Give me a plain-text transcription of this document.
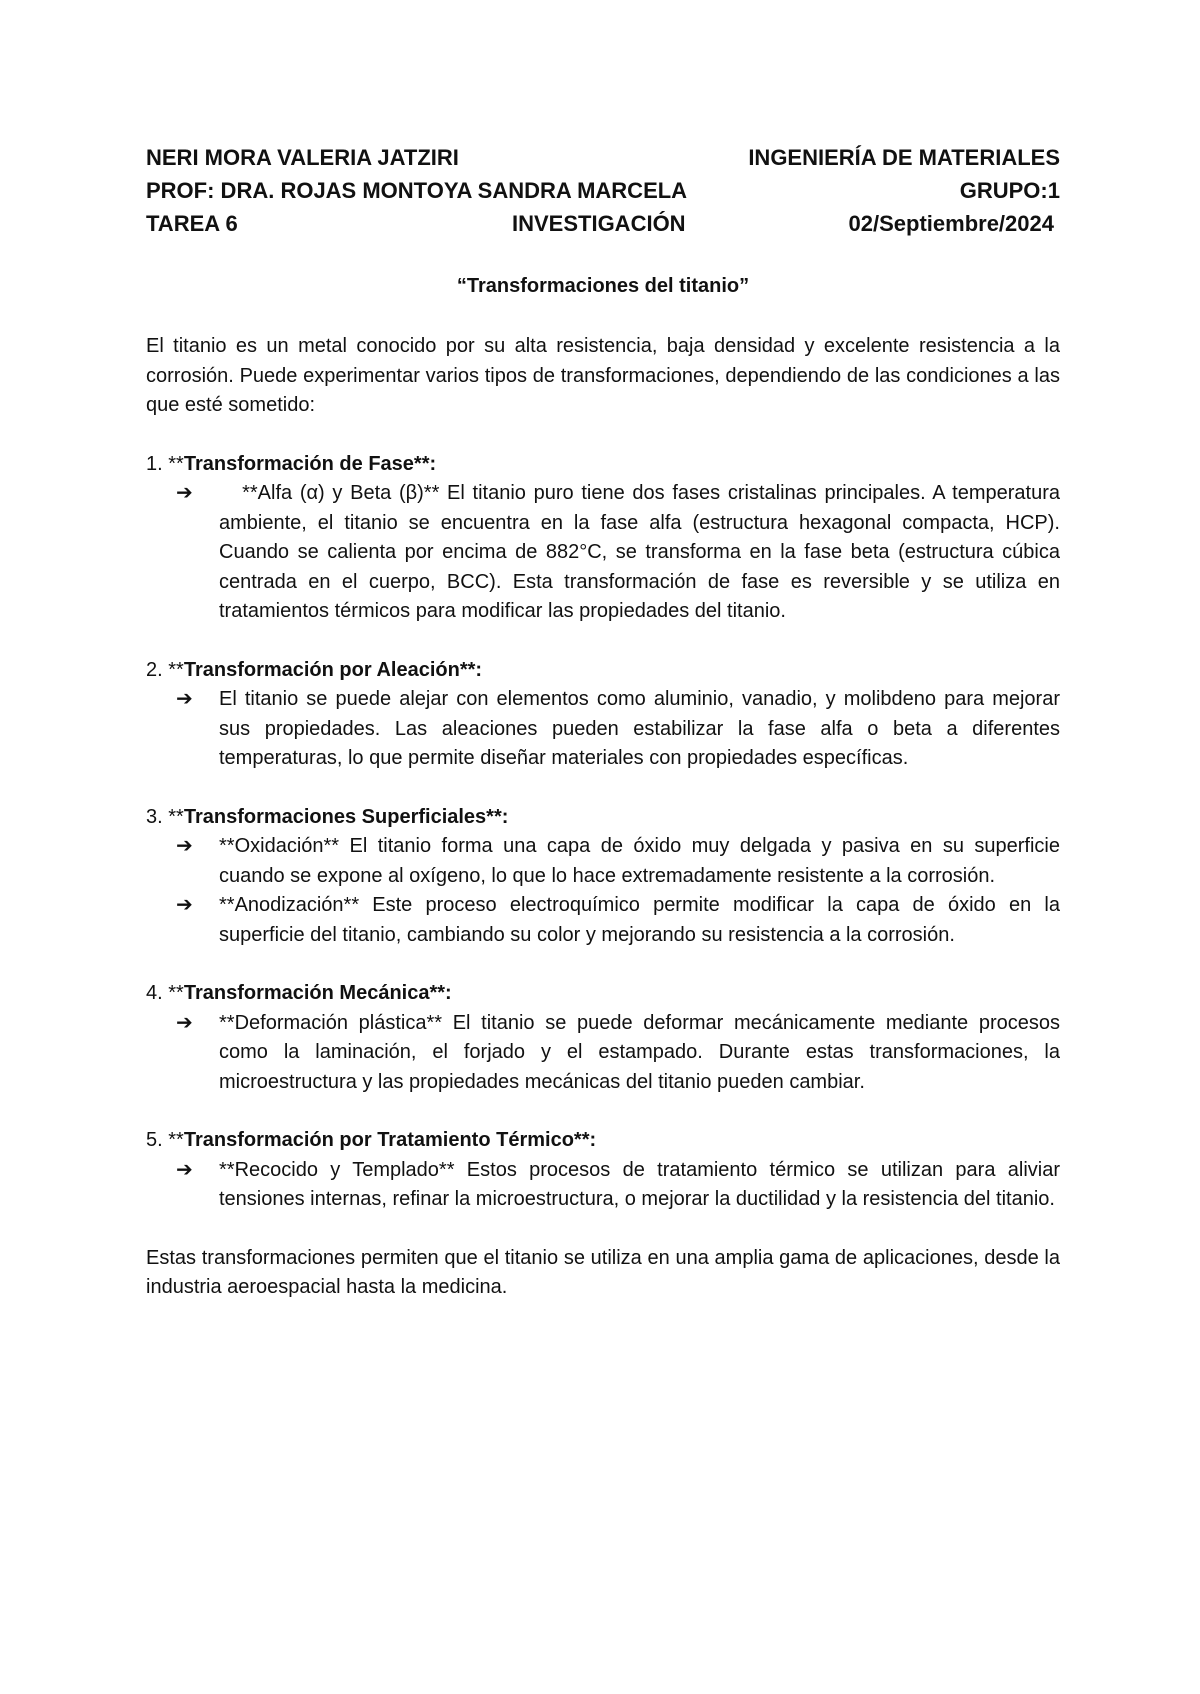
NERI MORA VALERIA JATZIRI	INGENIERÍA DE MATERIALES
PROF: DRA. ROJAS MONTOYA SANDRA MARCELA	GRUPO:1
TAREA 6	INVESTIGACIÓN	02/Septiembre/2024
“Transformaciones del titanio”

El titanio es un metal conocido por su alta resistencia, baja densidad y excelente resistencia a la corrosión. Puede experimentar varios tipos de transformaciones, dependiendo de las condiciones a las que esté sometido:

1. **Transformación de Fase**:
➔ **Alfa (α) y Beta (β)** El titanio puro tiene dos fases cristalinas principales. A temperatura ambiente, el titanio se encuentra en la fase alfa (estructura hexagonal compacta, HCP). Cuando se calienta por encima de 882°C, se transforma en la fase beta (estructura cúbica centrada en el cuerpo, BCC). Esta transformación de fase es reversible y se utiliza en tratamientos térmicos para modificar las propiedades del titanio.

2. **Transformación por Aleación**:
➔ El titanio se puede alejar con elementos como aluminio, vanadio, y molibdeno para mejorar sus propiedades. Las aleaciones pueden estabilizar la fase alfa o beta a diferentes temperaturas, lo que permite diseñar materiales con propiedades específicas.

3. **Transformaciones Superficiales**:
➔ **Oxidación** El titanio forma una capa de óxido muy delgada y pasiva en su superficie cuando se expone al oxígeno, lo que lo hace extremadamente resistente a la corrosión.

➔ **Anodización** Este proceso electroquímico permite modificar la capa de óxido en la superficie del titanio, cambiando su color y mejorando su resistencia a la corrosión.

4. **Transformación Mecánica**:
➔ **Deformación plástica** El titanio se puede deformar mecánicamente mediante procesos como la laminación, el forjado y el estampado. Durante estas transformaciones, la microestructura y las propiedades mecánicas del titanio pueden cambiar.

5. **Transformación por Tratamiento Térmico**:
➔ **Recocido y Templado** Estos procesos de tratamiento térmico se utilizan para aliviar tensiones internas, refinar la microestructura, o mejorar la ductilidad y la resistencia del titanio.

Estas transformaciones permiten que el titanio se utiliza en una amplia gama de aplicaciones, desde la industria aeroespacial hasta la medicina.
